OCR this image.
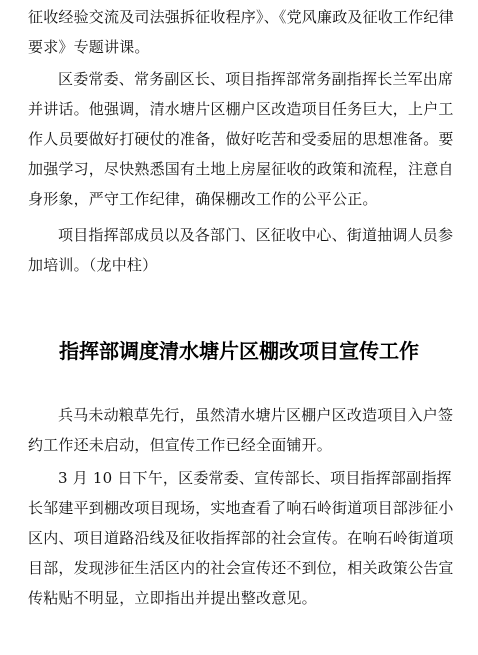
征收经验交流及司法强拆征收程序》、《党风廉政及征收工作纪律
要求》专题讲课。
区委常委、常务副区长、项目指挥部常务副指挥长兰军出席
并讲话。他强调，清水塘片区棚户区改造项目任务巨大，上户工
作人员要做好打硬仗的准备，做好吃苦和受委屈的思想准备。要
加强学习，尽快熟悉国有土地上房屋征收的政策和流程，注意自
身形象，严守工作纪律，确保棚改工作的公平公正。
项目指挥部成员以及各部门、区征收中心、街道抽调人员参
加培训。（龙中柱）
指挥部调度清水塘片区棚改项目宣传工作
兵马未动粮草先行，虽然清水塘片区棚户区改造项目入户签
约工作还未启动，但宣传工作已经全面铺开。
3 月 10 日下午，区委常委、宣传部长、项目指挥部副指挥
长邹建平到棚改项目现场，实地查看了响石岭街道项目部涉征小
区内、项目道路沿线及征收指挥部的社会宣传。在响石岭街道项
目部，发现涉征生活区内的社会宣传还不到位，相关政策公告宣
传粘贴不明显，立即指出并提出整改意见。
